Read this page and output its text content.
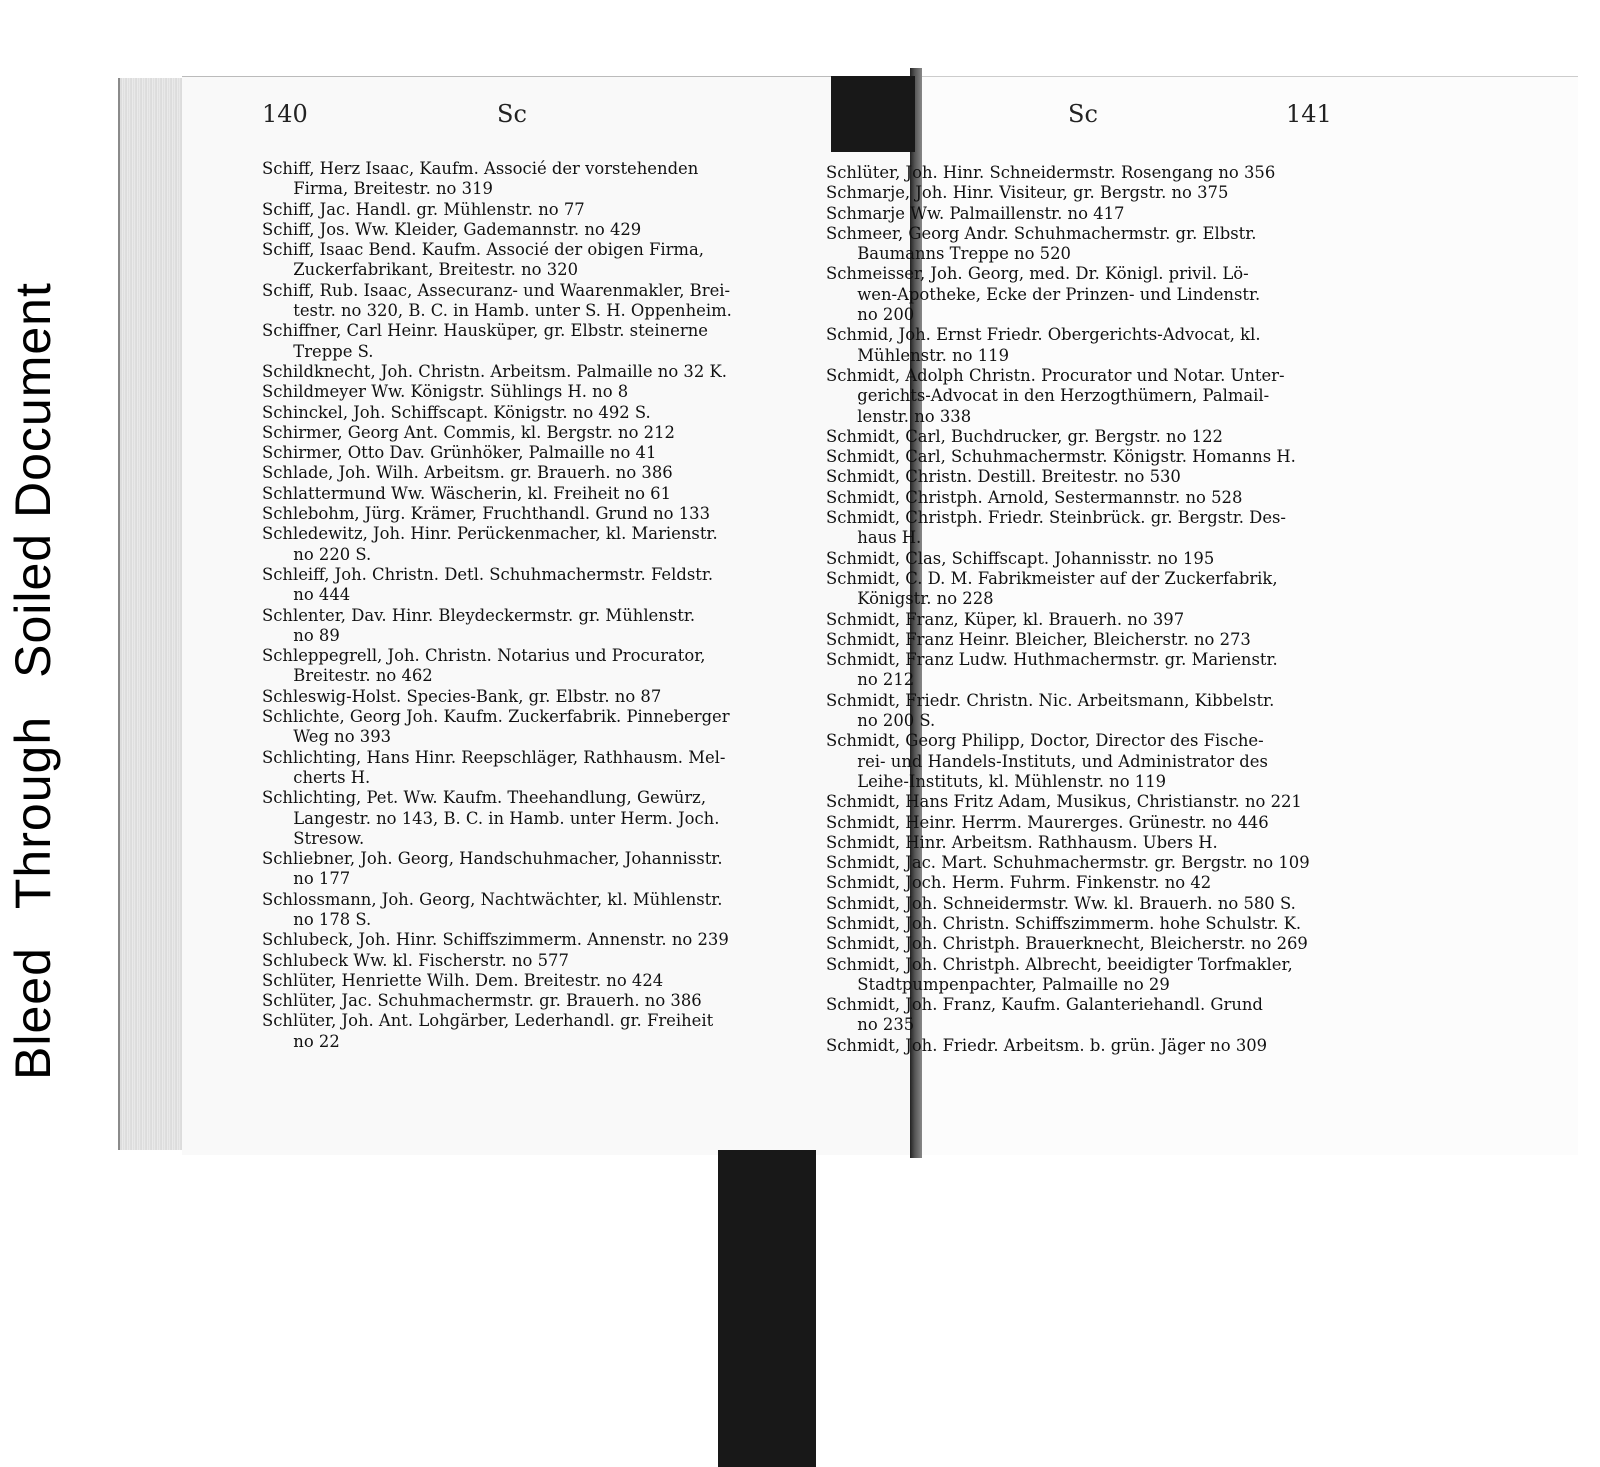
BleedThroughSoiled Document
140	Sc	Sc	141
Schiff, Herz Isaac, Kaufm. Associé der vorstehenden
Firma, Breitestr. no 319
Schiff, Jac. Handl. gr. Mühlenstr. no 77
Schiff, Jos. Ww. Kleider, Gademannstr. no 429
Schiff, Isaac Bend. Kaufm. Associé der obigen Firma,
Zuckerfabrikant, Breitestr. no 320
Schiff, Rub. Isaac, Assecuranz- und Waarenmakler, Brei-
testr. no 320, B. C. in Hamb. unter S. H. Oppenheim.
Schiffner, Carl Heinr. Hausküper, gr. Elbstr. steinerne
Treppe S.
Schildknecht, Joh. Christn. Arbeitsm. Palmaille no 32 K.
Schildmeyer Ww. Königstr. Sühlings H. no 8
Schinckel, Joh. Schiffscapt. Königstr. no 492 S.
Schirmer, Georg Ant. Commis, kl. Bergstr. no 212
Schirmer, Otto Dav. Grünhöker, Palmaille no 41
Schlade, Joh. Wilh. Arbeitsm. gr. Brauerh. no 386
Schlattermund Ww. Wäscherin, kl. Freiheit no 61
Schlebohm, Jürg. Krämer, Fruchthandl. Grund no 133
Schledewitz, Joh. Hinr. Perückenmacher, kl. Marienstr.
no 220 S.
Schleiff, Joh. Christn. Detl. Schuhmachermstr. Feldstr.
no 444
Schlenter, Dav. Hinr. Bleydeckermstr. gr. Mühlenstr.
no 89
Schleppegrell, Joh. Christn. Notarius und Procurator,
Breitestr. no 462
Schleswig-Holst. Species-Bank, gr. Elbstr. no 87
Schlichte, Georg Joh. Kaufm. Zuckerfabrik. Pinneberger
Weg no 393
Schlichting, Hans Hinr. Reepschläger, Rathhausm. Mel-
cherts H.
Schlichting, Pet. Ww. Kaufm. Theehandlung, Gewürz,
Langestr. no 143, B. C. in Hamb. unter Herm. Joch.
Stresow.
Schliebner, Joh. Georg, Handschuhmacher, Johannisstr.
no 177
Schlossmann, Joh. Georg, Nachtwächter, kl. Mühlenstr.
no 178 S.
Schlubeck, Joh. Hinr. Schiffszimmerm. Annenstr. no 239
Schlubeck Ww. kl. Fischerstr. no 577
Schlüter, Henriette Wilh. Dem. Breitestr. no 424
Schlüter, Jac. Schuhmachermstr. gr. Brauerh. no 386
Schlüter, Joh. Ant. Lohgärber, Lederhandl. gr. Freiheit
no 22
Schlüter, Joh. Hinr. Schneidermstr. Rosengang no 356
Schmarje, Joh. Hinr. Visiteur, gr. Bergstr. no 375
Schmarje Ww. Palmaillenstr. no 417
Schmeer, Georg Andr. Schuhmachermstr. gr. Elbstr.
Baumanns Treppe no 520
Schmeisser, Joh. Georg, med. Dr. Königl. privil. Lö-
wen-Apotheke, Ecke der Prinzen- und Lindenstr.
no 200
Schmid, Joh. Ernst Friedr. Obergerichts-Advocat, kl.
Mühlenstr. no 119
Schmidt, Adolph Christn. Procurator und Notar. Unter-
gerichts-Advocat in den Herzogthümern, Palmail-
lenstr. no 338
Schmidt, Carl, Buchdrucker, gr. Bergstr. no 122
Schmidt, Carl, Schuhmachermstr. Königstr. Homanns H.
Schmidt, Christn. Destill. Breitestr. no 530
Schmidt, Christph. Arnold, Sestermannstr. no 528
Schmidt, Christph. Friedr. Steinbrück. gr. Bergstr. Des-
haus H.
Schmidt, Clas, Schiffscapt. Johannisstr. no 195
Schmidt, C. D. M. Fabrikmeister auf der Zuckerfabrik,
Königstr. no 228
Schmidt, Franz, Küper, kl. Brauerh. no 397
Schmidt, Franz Heinr. Bleicher, Bleicherstr. no 273
Schmidt, Franz Ludw. Huthmachermstr. gr. Marienstr.
no 212
Schmidt, Friedr. Christn. Nic. Arbeitsmann, Kibbelstr.
no 200 S.
Schmidt, Georg Philipp, Doctor, Director des Fische-
rei- und Handels-Instituts, und Administrator des
Leihe-Instituts, kl. Mühlenstr. no 119
Schmidt, Hans Fritz Adam, Musikus, Christianstr. no 221
Schmidt, Heinr. Herrm. Maurerges. Grünestr. no 446
Schmidt, Hinr. Arbeitsm. Rathhausm. Ubers H.
Schmidt, Jac. Mart. Schuhmachermstr. gr. Bergstr. no 109
Schmidt, Joch. Herm. Fuhrm. Finkenstr. no 42
Schmidt, Joh. Schneidermstr. Ww. kl. Brauerh. no 580 S.
Schmidt, Joh. Christn. Schiffszimmerm. hohe Schulstr. K.
Schmidt, Joh. Christph. Brauerknecht, Bleicherstr. no 269
Schmidt, Joh. Christph. Albrecht, beeidigter Torfmakler,
Stadtpumpenpachter, Palmaille no 29
Schmidt, Joh. Franz, Kaufm. Galanteriehandl. Grund
no 235
Schmidt, Joh. Friedr. Arbeitsm. b. grün. Jäger no 309
